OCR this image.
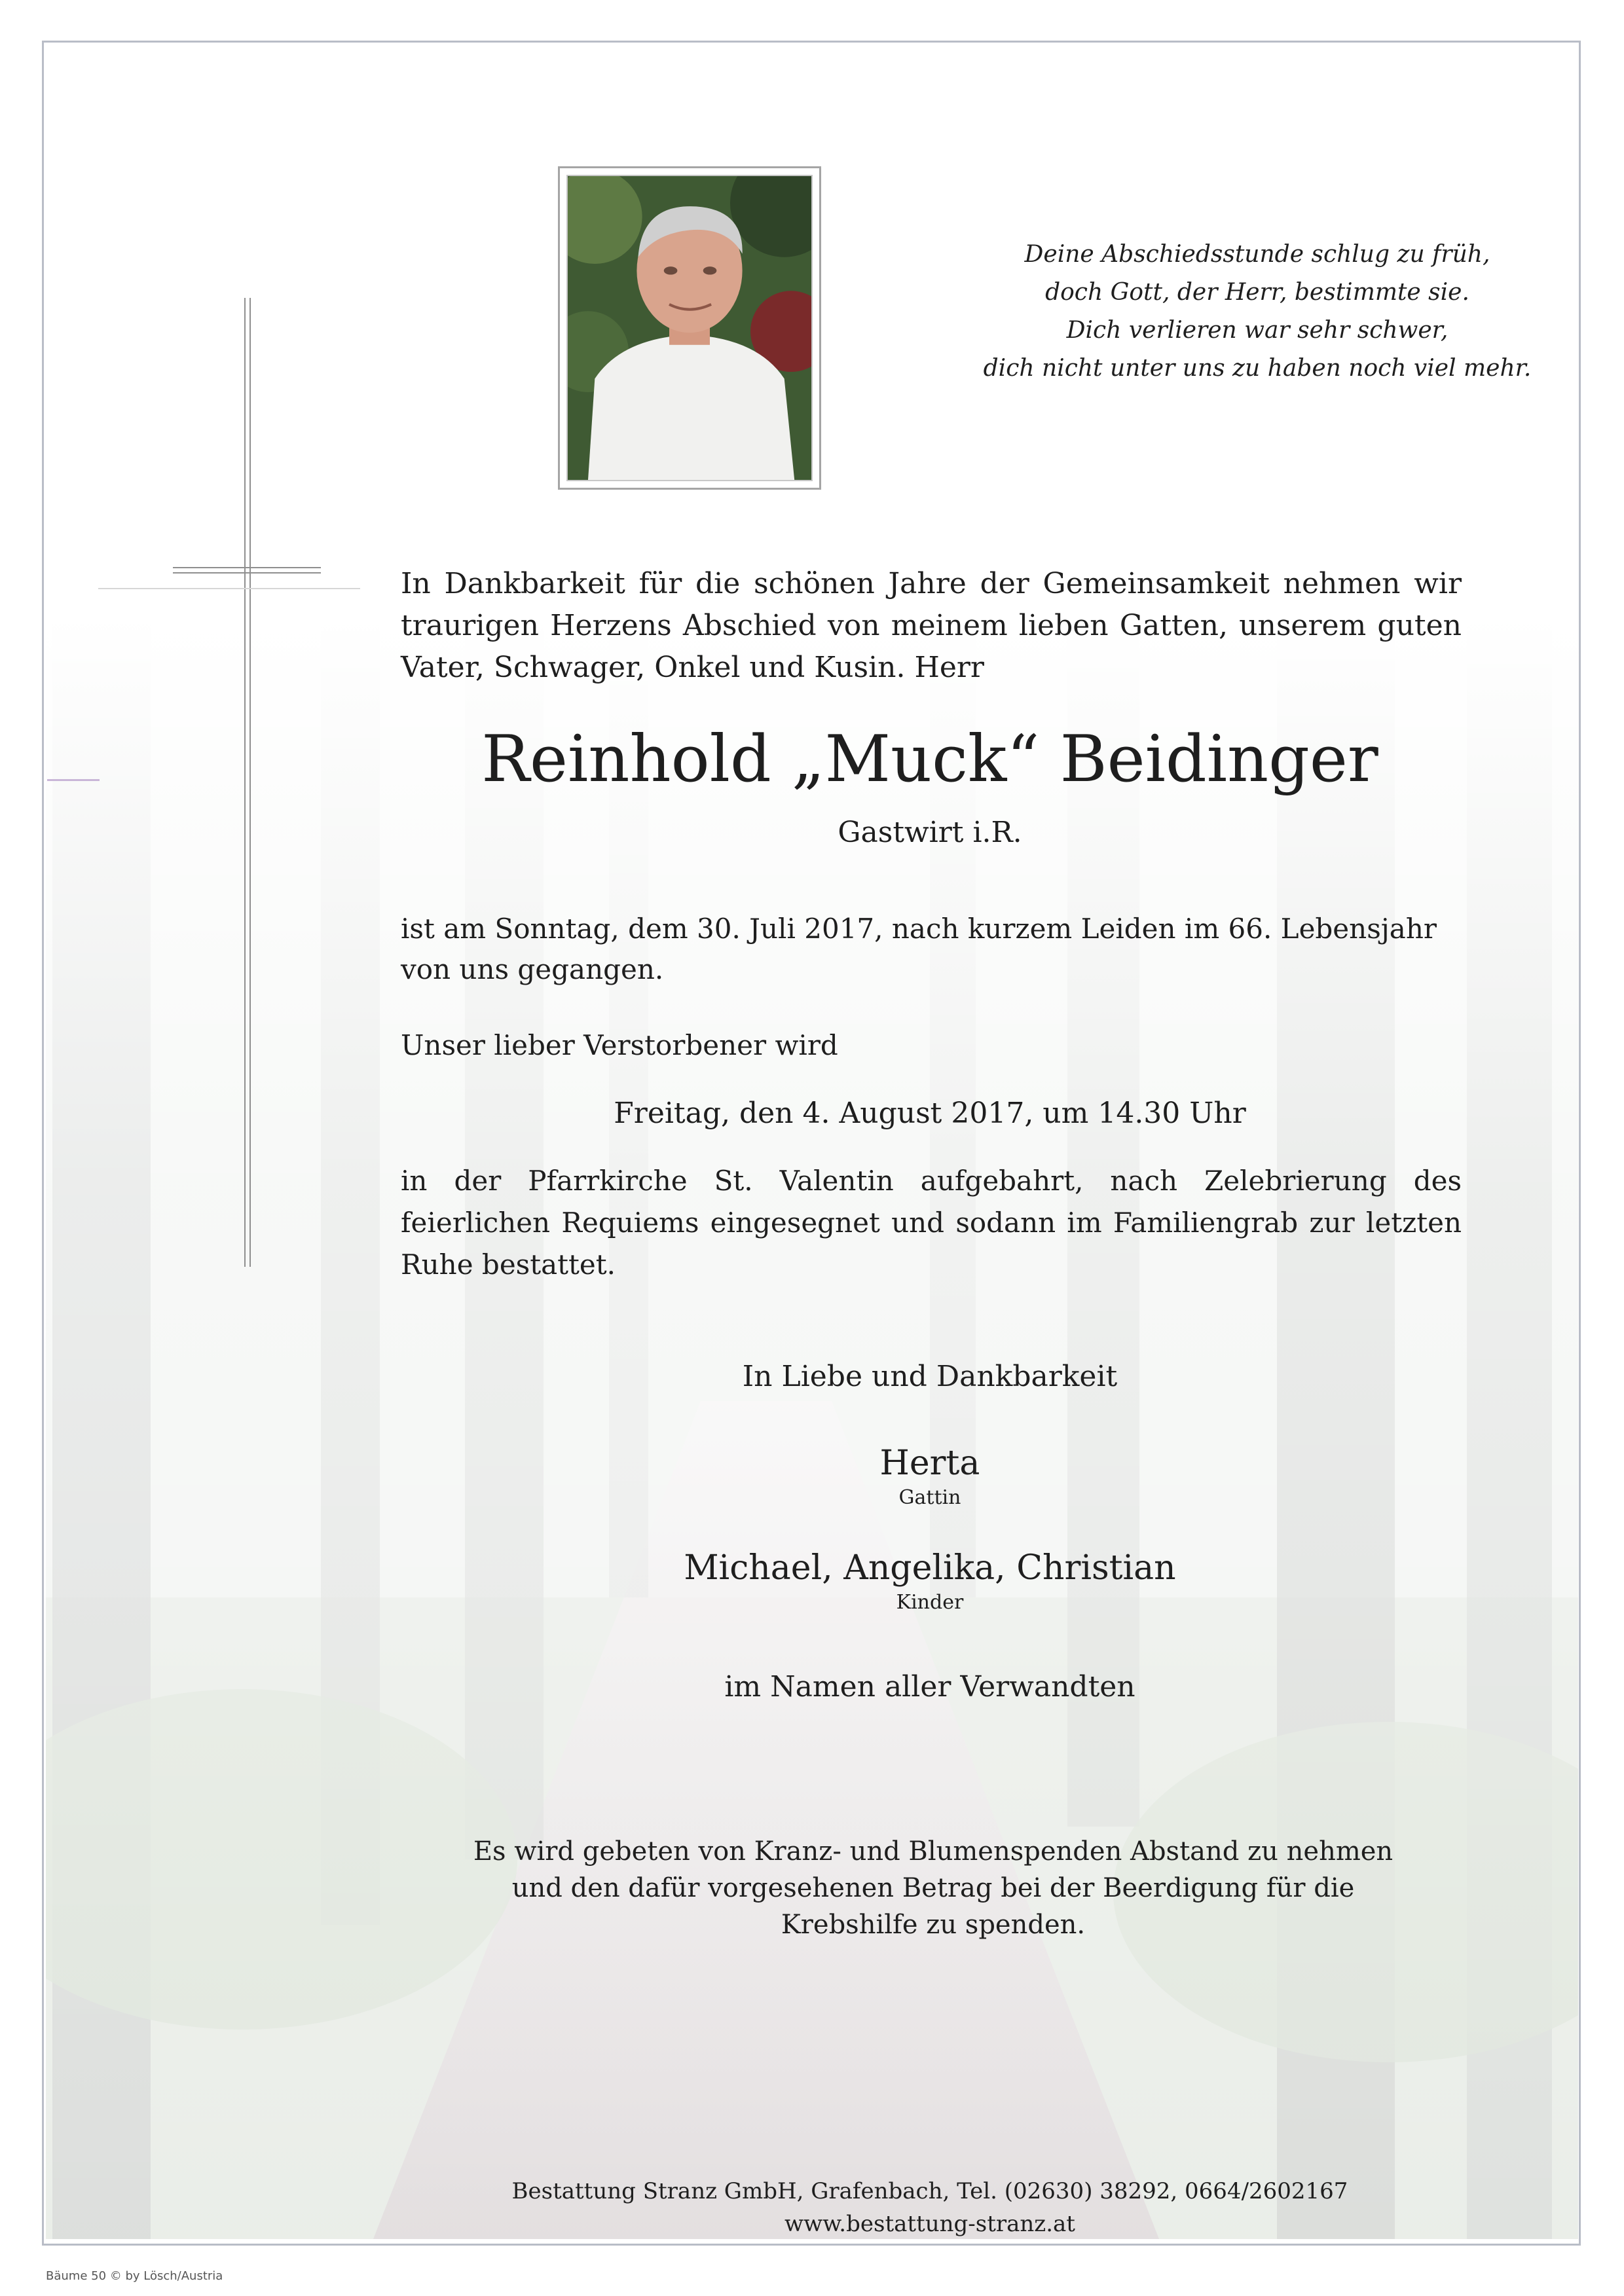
Deine Abschiedsstunde schlug zu früh,
doch Gott, der Herr, bestimmte sie.
Dich verlieren war sehr schwer,
dich nicht unter uns zu haben noch viel mehr.
In Dankbarkeit für die schönen Jahre der Gemeinsamkeit nehmen wir traurigen Herzens Abschied von meinem lieben Gatten, unserem guten Vater, Schwager, Onkel und Kusin. Herr
Reinhold „Muck“ Beidinger
Gastwirt i.R.
ist am Sonntag, dem 30. Juli 2017, nach kurzem Leiden im 66. Lebensjahr von uns gegangen.
Unser lieber Verstorbener wird
Freitag, den 4. August 2017, um 14.30 Uhr
in der Pfarrkirche St. Valentin aufgebahrt, nach Zelebrierung des feierlichen Requiems eingesegnet und sodann im Familiengrab zur letzten Ruhe bestattet.
In Liebe und Dankbarkeit
Herta
Gattin
Michael, Angelika, Christian
Kinder
im Namen aller Verwandten
Es wird gebeten von Kranz- und Blumenspenden Abstand zu nehmen und den dafür vorgesehenen Betrag bei der Beerdigung für die Krebshilfe zu spenden.
Bestattung Stranz GmbH, Grafenbach, Tel. (02630) 38292, 0664/2602167
www.bestattung-stranz.at
Bäume 50 © by Lösch/Austria
